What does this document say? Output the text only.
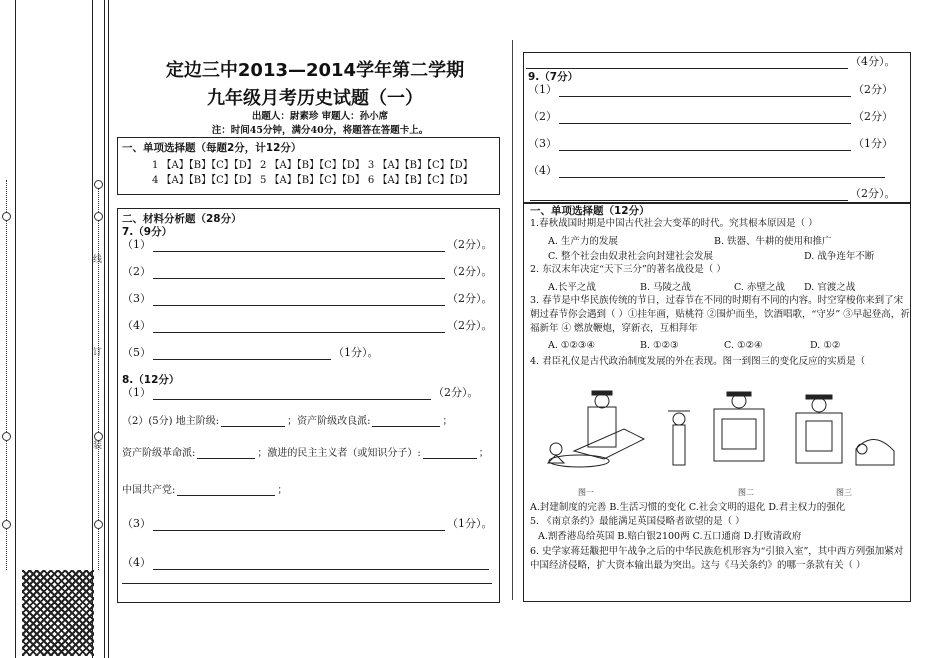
线
订
装
定边三中2013—2014学年第二学期
九年级月考历史试题（一）
出题人：尉素珍 审题人：孙小席
注：时间45分钟，满分40分，将题答在答题卡上。
一、单项选择题（每题2分，计12分）
1 【A】【B】【C】【D】 2 【A】【B】【C】【D】 3 【A】【B】【C】【D】
4 【A】【B】【C】【D】 5 【A】【B】【C】【D】 6 【A】【B】【C】【D】
二、材料分析题（28分）
7.（9分）
（1）	（2分）。
（2）	（2分）。
（3）	（2分）。
（4）	（2分）。
（5）	（1分）。
8.（12分）
（1）	（2分）。
（2）(5分) 地主阶级:	；资产阶级改良派:	；
资产阶级革命派:	；激进的民主主义者（或知识分子）:	；
中国共产党:	；
（3）	（1分）。
（4）
（4分）。
9.（7分）
（1）	（2分）
（2）	（2分）
（3）	（1分）
（4）
（2分）。
一、单项选择题（12分）
1.春秋战国时期是中国古代社会大变革的时代。究其根本原因是（ ）
A. 生产力的发展	B. 铁器、牛耕的使用和推广
C. 整个社会由奴隶社会向封建社会发展	D. 战争连年不断
2. 东汉末年决定“天下三分”的著名战役是（ ）
A.长平之战	B. 马陵之战	C. 赤壁之战 D. 官渡之战
3. 春节是中华民族传统的节日，过春节在不同的时期有不同的内容。时空穿梭你来到了宋朝过春节你会遇到（ ）①挂年画，贴桃符 ②围炉而坐，饮酒唱歌，“守岁” ③早起登高，祈福新年 ④ 燃放鞭炮，穿新衣，互相拜年
A. ①②③④	B. ①②③	C. ①②④	D. ①②
4. 君臣礼仪是古代政治制度发展的外在表现。图一到图三的变化反应的实质是（
图一	图二	图三
A.封建制度的完善 B.生活习惯的变化 C.社会文明的退化 D.君主权力的强化
5. 《南京条约》最能满足英国侵略者欲望的是（ ）
A.割香港岛给英国 B.赔白银2100两 C.五口通商 D.打败清政府
6. 史学家蒋廷黻把甲午战争之后的中华民族危机形容为“引狼入室”，其中西方列强加紧对中国经济侵略，扩大资本输出最为突出。这与《马关条约》的哪一条款有关（ ）
